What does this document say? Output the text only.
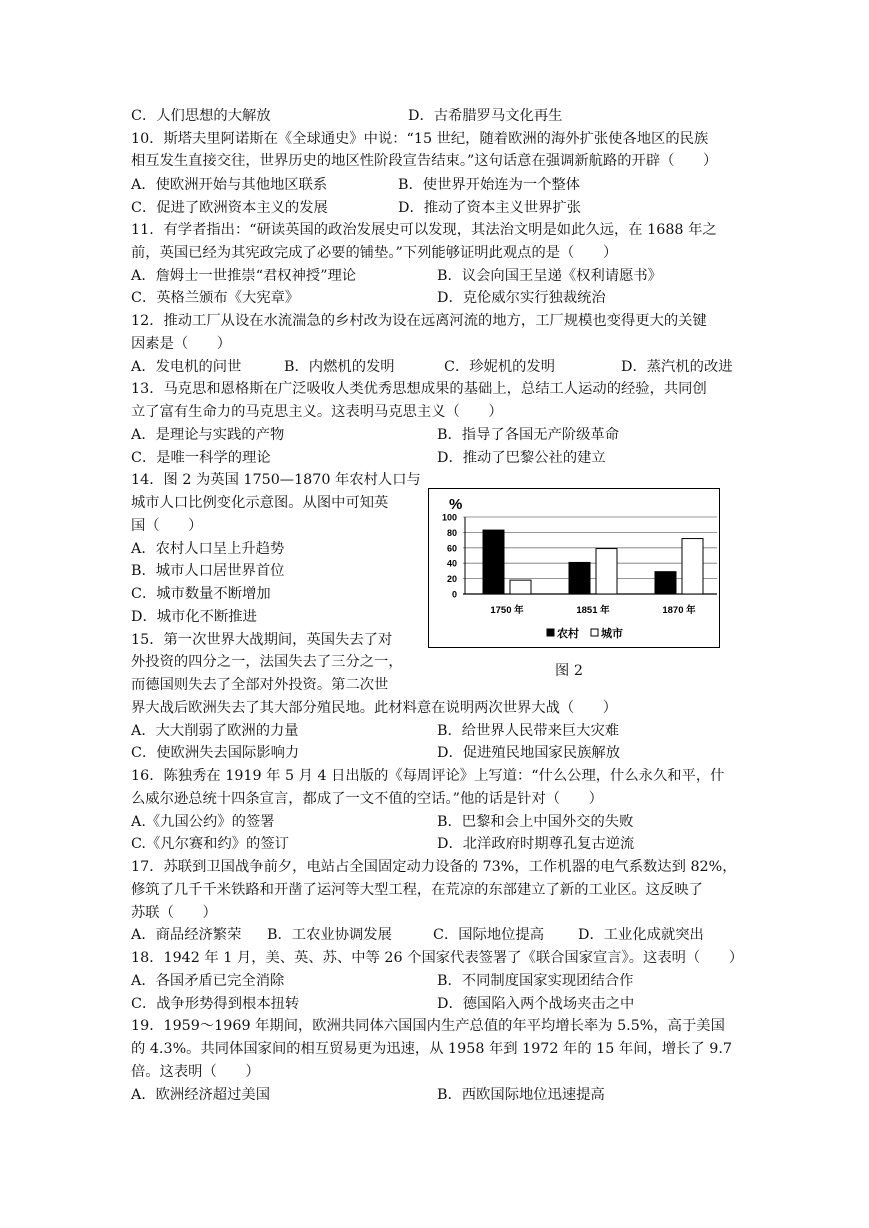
C．人们思想的大解放	D．古希腊罗马文化再生
10．斯塔夫里阿诺斯在《全球通史》中说：“15 世纪，随着欧洲的海外扩张使各地区的民族
相互发生直接交往，世界历史的地区性阶段宣告结束。”这句话意在强调新航路的开辟（　　）
A．使欧洲开始与其他地区联系	B．使世界开始连为一个整体
C．促进了欧洲资本主义的发展	D．推动了资本主义世界扩张
11．有学者指出：“研读英国的政治发展史可以发现，其法治文明是如此久远，在 1688 年之
前，英国已经为其宪政完成了必要的铺垫。”下列能够证明此观点的是（　　）
A．詹姆士一世推崇“君权神授”理论	B．议会向国王呈递《权利请愿书》
C．英格兰颁布《大宪章》	D．克伦威尔实行独裁统治
12．推动工厂从设在水流湍急的乡村改为设在远离河流的地方，工厂规模也变得更大的关键
因素是（　　）
A．发电机的问世	B．内燃机的发明	C．珍妮机的发明	D．蒸汽机的改进
13．马克思和恩格斯在广泛吸收人类优秀思想成果的基础上，总结工人运动的经验，共同创
立了富有生命力的马克思主义。这表明马克思主义（　　）
A．是理论与实践的产物	B．指导了各国无产阶级革命
C．是唯一科学的理论	D．推动了巴黎公社的建立
14．图 2 为英国 1750—1870 年农村人口与
城市人口比例变化示意图。从图中可知英
国（　　）
A．农村人口呈上升趋势
B．城市人口居世界首位
C．城市数量不断增加
D．城市化不断推进
%
0
20
40
60
80
100
1750 年	1851 年	1870 年
农村 城市
图 2
15．第一次世界大战期间，英国失去了对
外投资的四分之一，法国失去了三分之一，
而德国则失去了全部对外投资。第二次世
界大战后欧洲失去了其大部分殖民地。此材料意在说明两次世界大战（　　）
A．大大削弱了欧洲的力量	B．给世界人民带来巨大灾难
C．使欧洲失去国际影响力	D．促进殖民地国家民族解放
16．陈独秀在 1919 年 5 月 4 日出版的《每周评论》上写道：“什么公理，什么永久和平，什
么威尔逊总统十四条宣言，都成了一文不值的空话。”他的话是针对（　　）
A.《九国公约》的签署	B．巴黎和会上中国外交的失败
C.《凡尔赛和约》的签订	D．北洋政府时期尊孔复古逆流
17．苏联到卫国战争前夕，电站占全国固定动力设备的 73%，工作机器的电气系数达到 82%，
修筑了几千千米铁路和开凿了运河等大型工程，在荒凉的东部建立了新的工业区。这反映了
苏联（　　）
A．商品经济繁荣 B．工农业协调发展	C．国际地位提高 D．工业化成就突出
18．1942 年 1 月，美、英、苏、中等 26 个国家代表签署了《联合国家宣言》。这表明（　　）
A．各国矛盾已完全消除	B．不同制度国家实现团结合作
C．战争形势得到根本扭转	D．德国陷入两个战场夹击之中
19．1959～1969 年期间，欧洲共同体六国国内生产总值的年平均增长率为 5.5%，高于美国
的 4.3%。共同体国家间的相互贸易更为迅速，从 1958 年到 1972 年的 15 年间，增长了 9.7
倍。这表明（　　）
A．欧洲经济超过美国	B．西欧国际地位迅速提高
